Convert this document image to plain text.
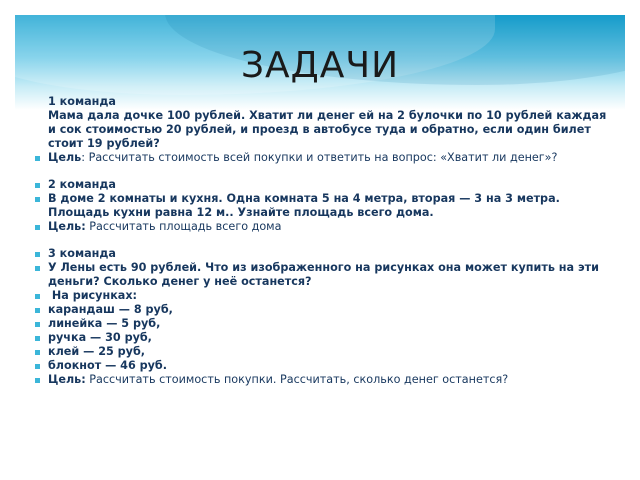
ЗАДАЧИ
1 команда
Мама дала дочке 100 рублей. Хватит ли денег ей на 2 булочки по 10 рублей каждая и сок стоимостью 20 рублей, и проезд в автобусе туда и обратно, если один билет стоит 19 рублей?
Цель: Рассчитать стоимость всей покупки и ответить на вопрос: «Хватит ли денег»?
2 команда
В доме 2 комнаты и кухня. Одна комната 5 на 4 метра, вторая — 3 на 3 метра. Площадь кухни равна 12 м.. Узнайте площадь всего дома.
Цель: Рассчитать площадь всего дома
3 команда
У Лены есть 90 рублей. Что из изображенного на рисунках она может купить на эти деньги? Сколько денег у неё останется?
На рисунках:
карандаш — 8 руб,
линейка — 5 руб,
ручка — 30 руб,
клей — 25 руб,
блокнот — 46 руб.
Цель: Рассчитать стоимость покупки. Рассчитать, сколько денег останется?
